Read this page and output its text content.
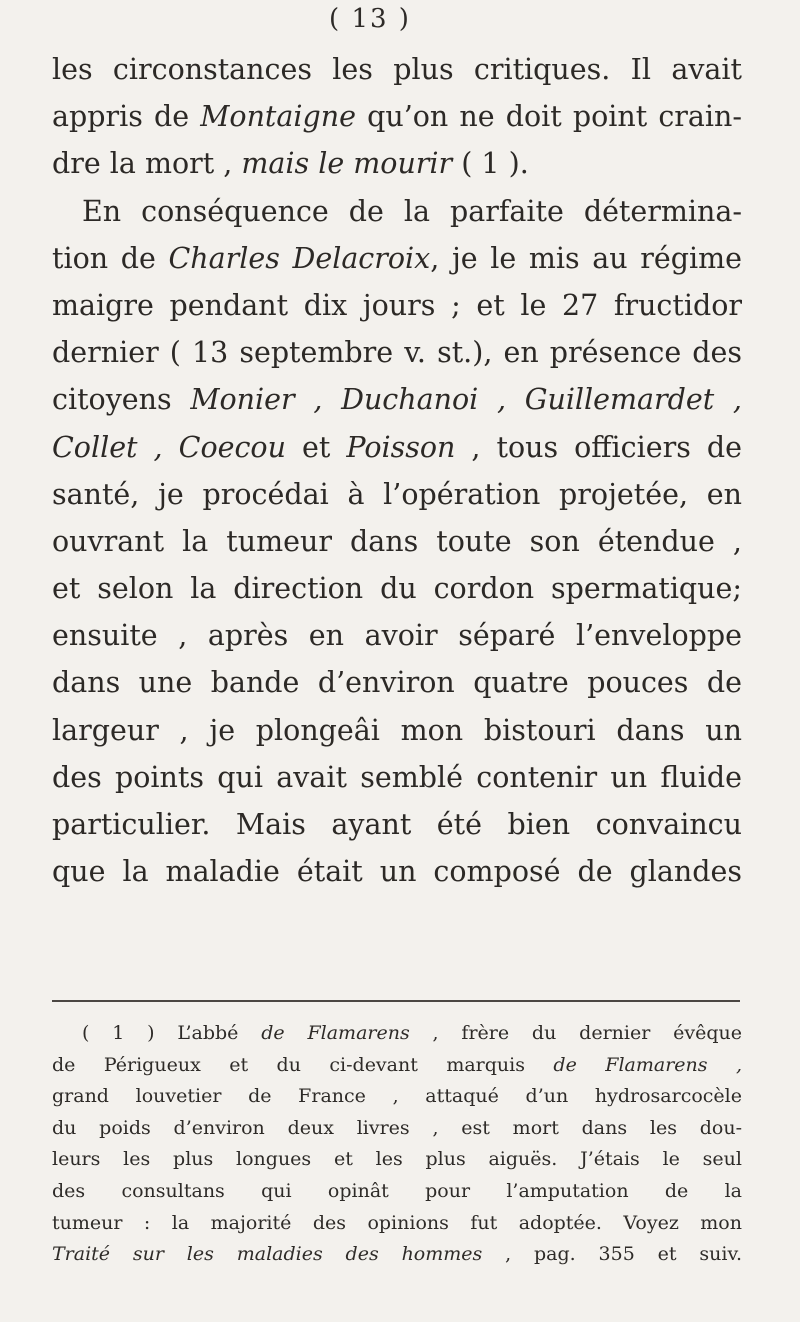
( 13 )
les circonstances les plus critiques. Il avait
appris de Montaigne qu’on ne doit point crain-
dre la mort , mais le mourir ( 1 ).
En conséquence de la parfaite détermina-
tion de Charles Delacroix, je le mis au régime
maigre pendant dix jours ; et le 27 fructidor
dernier ( 13 septembre v. st.), en présence des
citoyens Monier , Duchanoi , Guillemardet ,
Collet , Coecou et Poisson , tous officiers de
santé, je procédai à l’opération projetée, en
ouvrant la tumeur dans toute son étendue ,
et selon la direction du cordon spermatique;
ensuite , après en avoir séparé l’enveloppe
dans une bande d’environ quatre pouces de
largeur , je plongeâi mon bistouri dans un
des points qui avait semblé contenir un fluide
particulier. Mais ayant été bien convaincu
que la maladie était un composé de glandes
( 1 ) L’abbé de Flamarens , frère du dernier évêque
de Périgueux et du ci-devant marquis de Flamarens ,
grand louvetier de France , attaqué d’un hydrosarcocèle
du poids d’environ deux livres , est mort dans les dou-
leurs les plus longues et les plus aiguës. J’étais le seul
des consultans qui opinât pour l’amputation de la
tumeur : la majorité des opinions fut adoptée. Voyez mon
Traité sur les maladies des hommes , pag. 355 et suiv.
